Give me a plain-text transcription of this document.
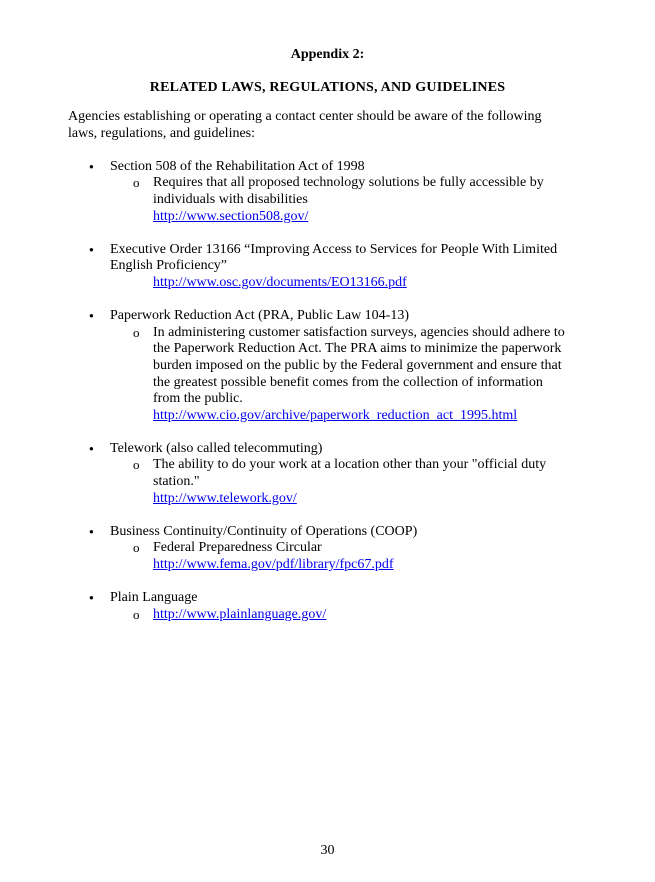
Appendix 2:
RELATED LAWS, REGULATIONS, AND GUIDELINES
Agencies establishing or operating a contact center should be aware of the following
laws, regulations, and guidelines:
● Section 508 of the Rehabilitation Act of 1998
o Requires that all proposed technology solutions be fully accessible by
individuals with disabilities
http://www.section508.gov/
● Executive Order 13166 “Improving Access to Services for People With Limited
English Proficiency”
http://www.osc.gov/documents/EO13166.pdf
● Paperwork Reduction Act (PRA, Public Law 104-13)
o In administering customer satisfaction surveys, agencies should adhere to
the Paperwork Reduction Act. The PRA aims to minimize the paperwork
burden imposed on the public by the Federal government and ensure that
the greatest possible benefit comes from the collection of information
from the public.
http://www.cio.gov/archive/paperwork_reduction_act_1995.html
● Telework (also called telecommuting)
o The ability to do your work at a location other than your "official duty
station."
http://www.telework.gov/
● Business Continuity/Continuity of Operations (COOP)
o Federal Preparedness Circular
http://www.fema.gov/pdf/library/fpc67.pdf
● Plain Language
o http://www.plainlanguage.gov/
30
